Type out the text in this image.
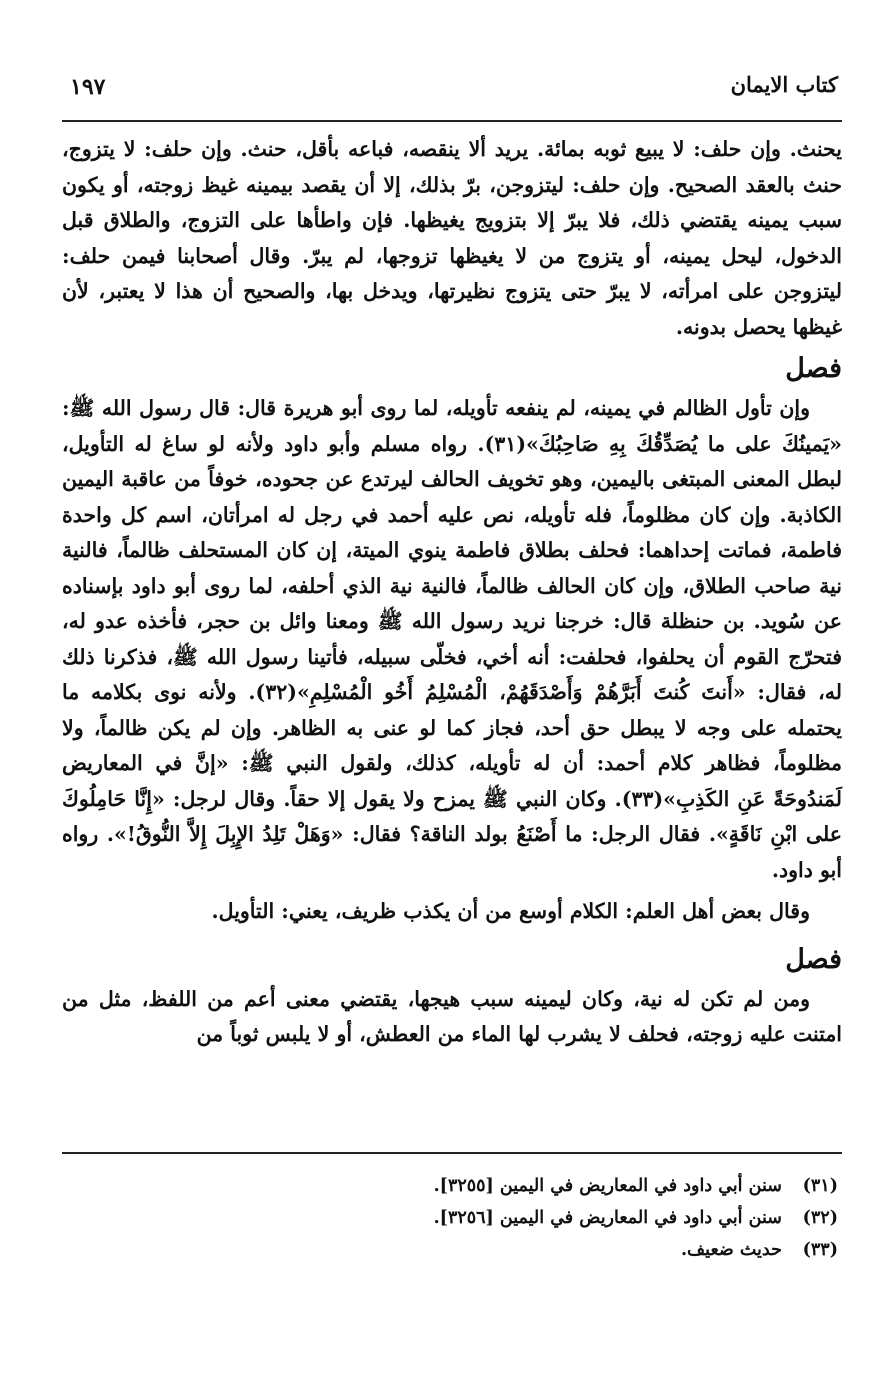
كتاب الايمان
١٩٧

يحنث. وإن حلف: لا يبيع ثوبه بمائة. يريد ألا ينقصه، فباعه بأقل، حنث. وإن حلف: لا يتزوج، حنث بالعقد الصحيح. وإن حلف: ليتزوجن، برّ بذلك، إلا أن يقصد بيمينه غيظ زوجته، أو يكون سبب يمينه يقتضي ذلك، فلا يبرّ إلا بتزويج يغيظها. فإن واطأها على التزوج، والطلاق قبل الدخول، ليحل يمينه، أو يتزوج من لا يغيظها تزوجها، لم يبرّ. وقال أصحابنا فيمن حلف: ليتزوجن على امرأته، لا يبرّ حتى يتزوج نظيرتها، ويدخل بها، والصحيح أن هذا لا يعتبر، لأن غيظها يحصل بدونه.

فصل

وإن تأول الظالم في يمينه، لم ينفعه تأويله، لما روى أبو هريرة قال: قال رسول الله ﷺ: «يَمينُكَ على ما يُصَدِّقُكَ بِهِ صَاحِبُكَ»(٣١). رواه مسلم وأبو داود ولأنه لو ساغ له التأويل، لبطل المعنى المبتغى باليمين، وهو تخويف الحالف ليرتدع عن جحوده، خوفاً من عاقبة اليمين الكاذبة. وإن كان مظلوماً، فله تأويله، نص عليه أحمد في رجل له امرأتان، اسم كل واحدة فاطمة، فماتت إحداهما: فحلف بطلاق فاطمة ينوي الميتة، إن كان المستحلف ظالماً، فالنية نية صاحب الطلاق، وإن كان الحالف ظالماً، فالنية نية الذي أحلفه، لما روى أبو داود بإسناده عن سُويد. بن حنظلة قال: خرجنا نريد رسول الله ﷺ ومعنا وائل بن حجر، فأخذه عدو له، فتحرّج القوم أن يحلفوا، فحلفت: أنه أخي، فخلّى سبيله، فأتينا رسول الله ﷺ، فذكرنا ذلك له، فقال: «أَنتَ كُنتَ أَبَرَّهُمْ وَأَصْدَقَهُمْ، الْمُسْلِمُ أَخُو الْمُسْلِمِ»(٣٢). ولأنه نوى بكلامه ما يحتمله على وجه لا يبطل حق أحد، فجاز كما لو عنى به الظاهر. وإن لم يكن ظالماً، ولا مظلوماً، فظاهر كلام أحمد: أن له تأويله، كذلك، ولقول النبي ﷺ: «إنَّ في المعاريض لَمَندُوحَةً عَنِ الكَذِبِ»(٣٣). وكان النبي ﷺ يمزح ولا يقول إلا حقاً. وقال لرجل: «إِنَّا حَامِلُوكَ على ابْنِ نَاقَةٍ». فقال الرجل: ما أَصْنَعُ بولد الناقة؟ فقال: «وَهَلْ تَلِدُ الإِبِلَ إِلاَّ النُّوقُ!». رواه أبو داود.

وقال بعض أهل العلم: الكلام أوسع من أن يكذب ظريف، يعني: التأويل.

فصل

ومن لم تكن له نية، وكان ليمينه سبب هيجها، يقتضي معنى أعم من اللفظ، مثل من امتنت عليه زوجته، فحلف لا يشرب لها الماء من العطش، أو لا يلبس ثوباً من

(٣١) سنن أبي داود في المعاريض في اليمين [٣٢٥٥].
(٣٢) سنن أبي داود في المعاريض في اليمين [٣٢٥٦].
(٣٣) حديث ضعيف.
